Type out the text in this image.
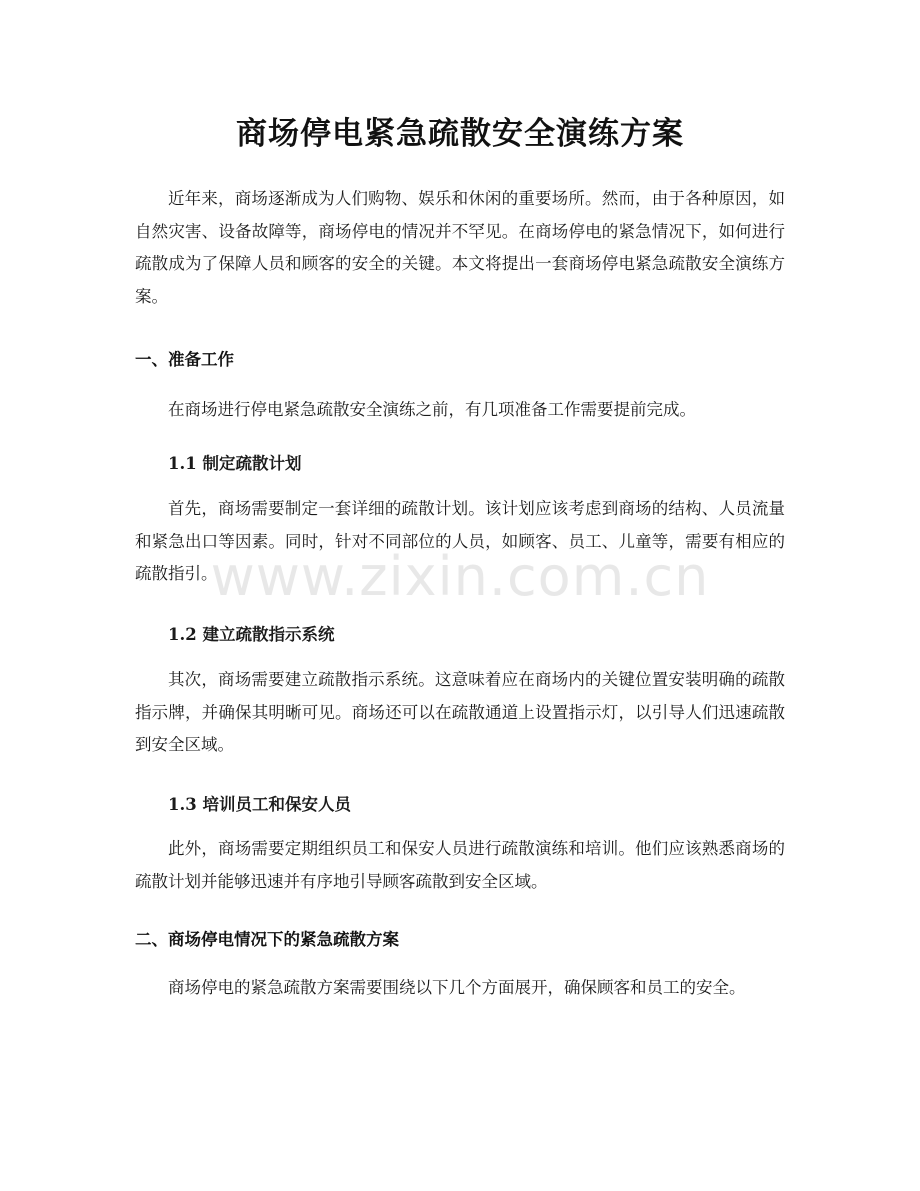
商场停电紧急疏散安全演练方案

近年来，商场逐渐成为人们购物、娱乐和休闲的重要场所。然而，由于各种原因，如自然灾害、设备故障等，商场停电的情况并不罕见。在商场停电的紧急情况下，如何进行疏散成为了保障人员和顾客的安全的关键。本文将提出一套商场停电紧急疏散安全演练方案。

一、准备工作

在商场进行停电紧急疏散安全演练之前，有几项准备工作需要提前完成。

1.1 制定疏散计划

首先，商场需要制定一套详细的疏散计划。该计划应该考虑到商场的结构、人员流量和紧急出口等因素。同时，针对不同部位的人员，如顾客、员工、儿童等，需要有相应的疏散指引。

1.2 建立疏散指示系统

其次，商场需要建立疏散指示系统。这意味着应在商场内的关键位置安装明确的疏散指示牌，并确保其明晰可见。商场还可以在疏散通道上设置指示灯，以引导人们迅速疏散到安全区域。

1.3 培训员工和保安人员

此外，商场需要定期组织员工和保安人员进行疏散演练和培训。他们应该熟悉商场的疏散计划并能够迅速并有序地引导顾客疏散到安全区域。

二、商场停电情况下的紧急疏散方案

商场停电的紧急疏散方案需要围绕以下几个方面展开，确保顾客和员工的安全。

www.zixin.com.cn
